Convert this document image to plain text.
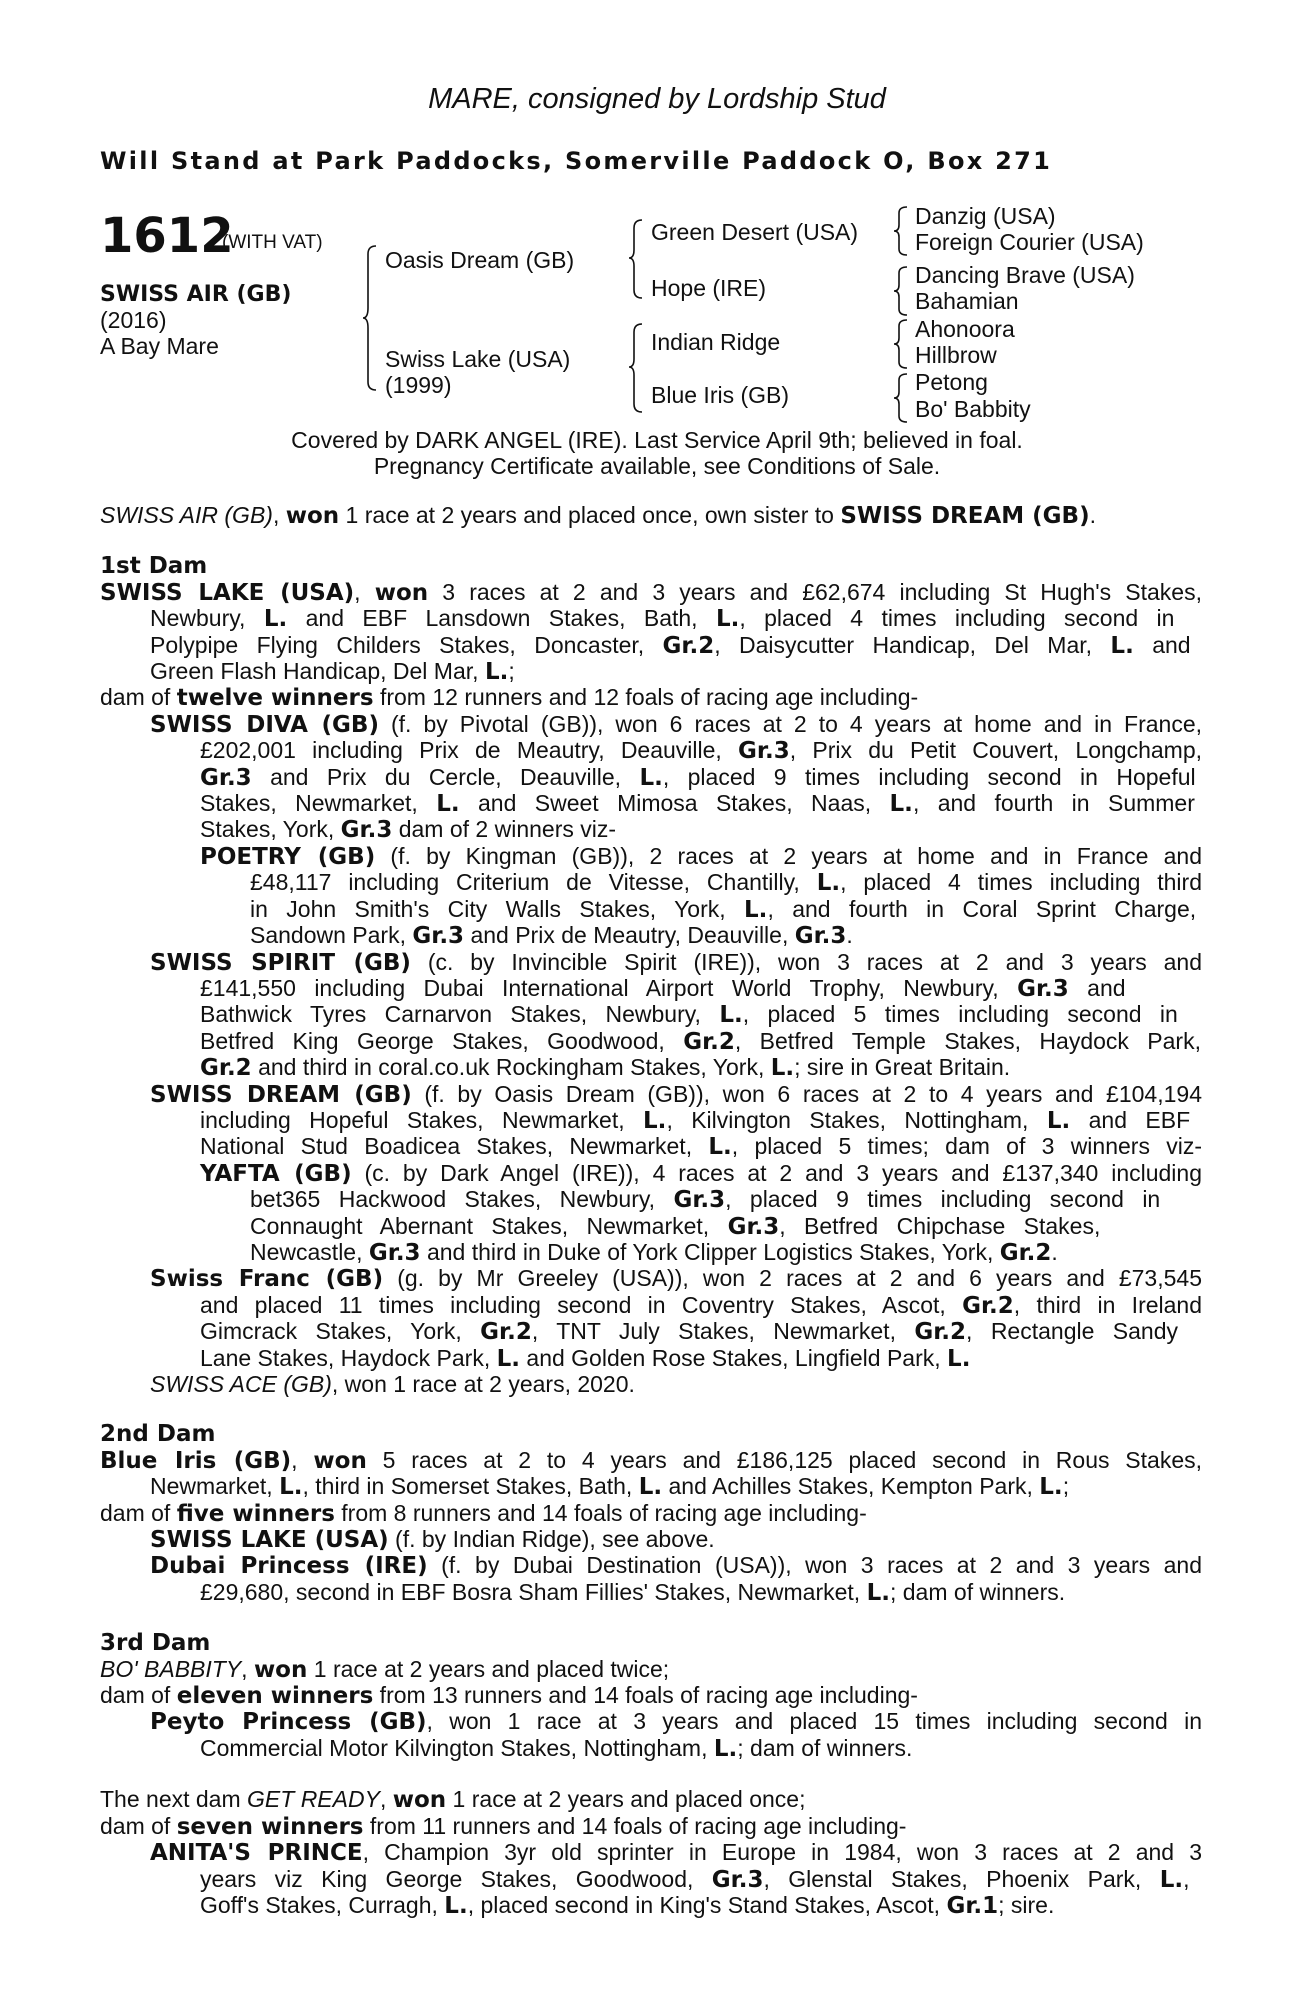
MARE, consigned by Lordship Stud
Will Stand at Park Paddocks, Somerville Paddock O, Box 271
1612
(WITH VAT)
SWISS AIR (GB)
(2016)
A Bay Mare
Oasis Dream (GB)
Swiss Lake (USA)
(1999)
Green Desert (USA)
Hope (IRE)
Indian Ridge
Blue Iris (GB)
Danzig (USA)
Foreign Courier (USA)
Dancing Brave (USA)
Bahamian
Ahonoora
Hillbrow
Petong
Bo' Babbity
Covered by DARK ANGEL (IRE). Last Service April 9th; believed in foal.
Pregnancy Certificate available, see Conditions of Sale.
SWISS AIR (GB), won 1 race at 2 years and placed once, own sister to SWISS DREAM (GB).
1st Dam
SWISS LAKE (USA), won 3 races at 2 and 3 years and £62,674 including St Hugh's Stakes,
Newbury, L. and EBF Lansdown Stakes, Bath, L., placed 4 times including second in
Polypipe Flying Childers Stakes, Doncaster, Gr.2, Daisycutter Handicap, Del Mar, L. and
Green Flash Handicap, Del Mar, L.;
dam of twelve winners from 12 runners and 12 foals of racing age including-
SWISS DIVA (GB) (f. by Pivotal (GB)), won 6 races at 2 to 4 years at home and in France,
£202,001 including Prix de Meautry, Deauville, Gr.3, Prix du Petit Couvert, Longchamp,
Gr.3 and Prix du Cercle, Deauville, L., placed 9 times including second in Hopeful
Stakes, Newmarket, L. and Sweet Mimosa Stakes, Naas, L., and fourth in Summer
Stakes, York, Gr.3 dam of 2 winners viz-
POETRY (GB) (f. by Kingman (GB)), 2 races at 2 years at home and in France and
£48,117 including Criterium de Vitesse, Chantilly, L., placed 4 times including third
in John Smith's City Walls Stakes, York, L., and fourth in Coral Sprint Charge,
Sandown Park, Gr.3 and Prix de Meautry, Deauville, Gr.3.
SWISS SPIRIT (GB) (c. by Invincible Spirit (IRE)), won 3 races at 2 and 3 years and
£141,550 including Dubai International Airport World Trophy, Newbury, Gr.3 and
Bathwick Tyres Carnarvon Stakes, Newbury, L., placed 5 times including second in
Betfred King George Stakes, Goodwood, Gr.2, Betfred Temple Stakes, Haydock Park,
Gr.2 and third in coral.co.uk Rockingham Stakes, York, L.; sire in Great Britain.
SWISS DREAM (GB) (f. by Oasis Dream (GB)), won 6 races at 2 to 4 years and £104,194
including Hopeful Stakes, Newmarket, L., Kilvington Stakes, Nottingham, L. and EBF
National Stud Boadicea Stakes, Newmarket, L., placed 5 times; dam of 3 winners viz-
YAFTA (GB) (c. by Dark Angel (IRE)), 4 races at 2 and 3 years and £137,340 including
bet365 Hackwood Stakes, Newbury, Gr.3, placed 9 times including second in
Connaught Abernant Stakes, Newmarket, Gr.3, Betfred Chipchase Stakes,
Newcastle, Gr.3 and third in Duke of York Clipper Logistics Stakes, York, Gr.2.
Swiss Franc (GB) (g. by Mr Greeley (USA)), won 2 races at 2 and 6 years and £73,545
and placed 11 times including second in Coventry Stakes, Ascot, Gr.2, third in Ireland
Gimcrack Stakes, York, Gr.2, TNT July Stakes, Newmarket, Gr.2, Rectangle Sandy
Lane Stakes, Haydock Park, L. and Golden Rose Stakes, Lingfield Park, L.
SWISS ACE (GB), won 1 race at 2 years, 2020.
2nd Dam
Blue Iris (GB), won 5 races at 2 to 4 years and £186,125 placed second in Rous Stakes,
Newmarket, L., third in Somerset Stakes, Bath, L. and Achilles Stakes, Kempton Park, L.;
dam of five winners from 8 runners and 14 foals of racing age including-
SWISS LAKE (USA) (f. by Indian Ridge), see above.
Dubai Princess (IRE) (f. by Dubai Destination (USA)), won 3 races at 2 and 3 years and
£29,680, second in EBF Bosra Sham Fillies' Stakes, Newmarket, L.; dam of winners.
3rd Dam
BO' BABBITY, won 1 race at 2 years and placed twice;
dam of eleven winners from 13 runners and 14 foals of racing age including-
Peyto Princess (GB), won 1 race at 3 years and placed 15 times including second in
Commercial Motor Kilvington Stakes, Nottingham, L.; dam of winners.
The next dam GET READY, won 1 race at 2 years and placed once;
dam of seven winners from 11 runners and 14 foals of racing age including-
ANITA'S PRINCE, Champion 3yr old sprinter in Europe in 1984, won 3 races at 2 and 3
years viz King George Stakes, Goodwood, Gr.3, Glenstal Stakes, Phoenix Park, L.,
Goff's Stakes, Curragh, L., placed second in King's Stand Stakes, Ascot, Gr.1; sire.
